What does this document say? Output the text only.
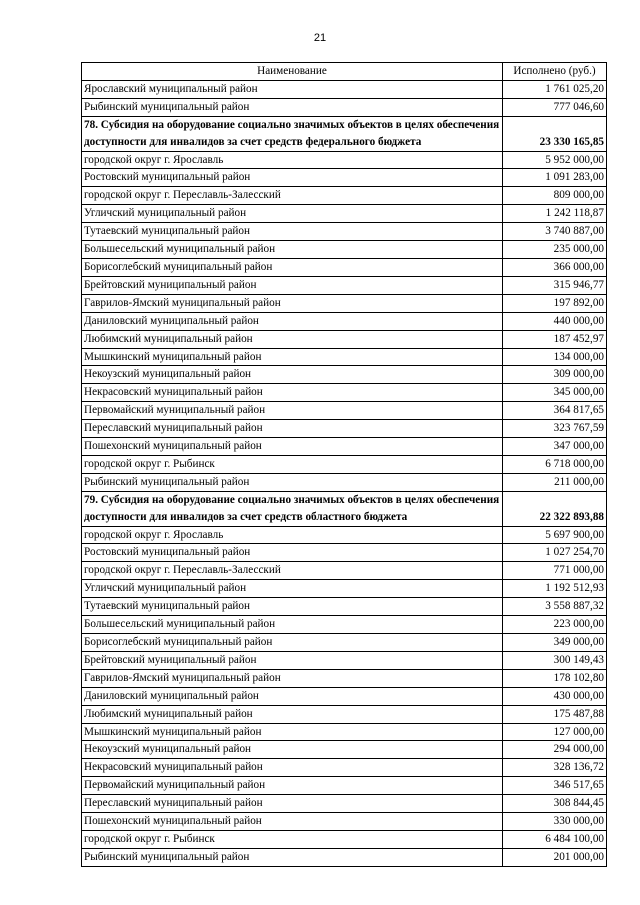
21
Наименование	Исполнено (руб.)
Ярославский муниципальный район	1 761 025,20
Рыбинский муниципальный район	777 046,60
78. Субсидия на оборудование социально значимых объектов в целях обеспечения доступности для инвалидов за счет средств федерального бюджета	23 330 165,85
городской округ г. Ярославль	5 952 000,00
Ростовский муниципальный район	1 091 283,00
городской округ г. Переславль-Залесский	809 000,00
Угличский муниципальный район	1 242 118,87
Тутаевский муниципальный район	3 740 887,00
Большесельский муниципальный район	235 000,00
Борисоглебский муниципальный район	366 000,00
Брейтовский муниципальный район	315 946,77
Гаврилов-Ямский муниципальный район	197 892,00
Даниловский муниципальный район	440 000,00
Любимский муниципальный район	187 452,97
Мышкинский муниципальный район	134 000,00
Некоузский муниципальный район	309 000,00
Некрасовский муниципальный район	345 000,00
Первомайский муниципальный район	364 817,65
Переславский муниципальный район	323 767,59
Пошехонский муниципальный район	347 000,00
городской округ г. Рыбинск	6 718 000,00
Рыбинский муниципальный район	211 000,00
79. Субсидия на оборудование социально значимых объектов в целях обеспечения доступности для инвалидов за счет средств областного бюджета	22 322 893,88
городской округ г. Ярославль	5 697 900,00
Ростовский муниципальный район	1 027 254,70
городской округ г. Переславль-Залесский	771 000,00
Угличский муниципальный район	1 192 512,93
Тутаевский муниципальный район	3 558 887,32
Большесельский муниципальный район	223 000,00
Борисоглебский муниципальный район	349 000,00
Брейтовский муниципальный район	300 149,43
Гаврилов-Ямский муниципальный район	178 102,80
Даниловский муниципальный район	430 000,00
Любимский муниципальный район	175 487,88
Мышкинский муниципальный район	127 000,00
Некоузский муниципальный район	294 000,00
Некрасовский муниципальный район	328 136,72
Первомайский муниципальный район	346 517,65
Переславский муниципальный район	308 844,45
Пошехонский муниципальный район	330 000,00
городской округ г. Рыбинск	6 484 100,00
Рыбинский муниципальный район	201 000,00
